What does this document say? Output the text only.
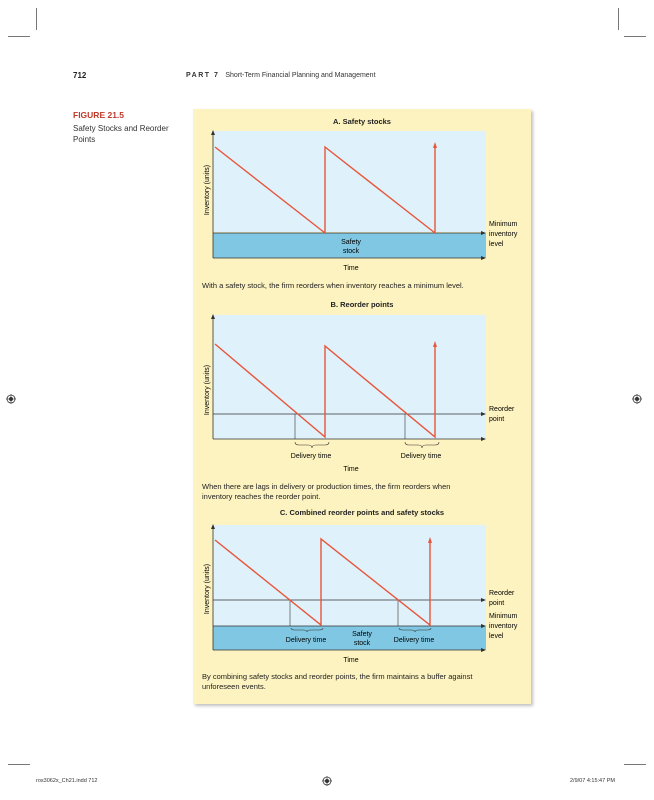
712	PART 7 Short-Term Financial Planning and Management
FIGURE 21.5
Safety Stocks and Reorder Points
A. Safety stocks
Inventory (units)
Safety
stock
Minimum
inventory
level
Time
With a safety stock, the firm reorders when inventory reaches a minimum level.
B. Reorder points
Delivery time	Delivery time
Inventory (units)	Reorder
point
Time
When there are lags in delivery or production times, the firm reorders when
inventory reaches the reorder point.
C. Combined reorder points and safety stocks
Delivery time	Delivery time
Safety
stock
Inventory (units)	Reorder
point
Minimum
inventory
level
Time
By combining safety stocks and reorder points, the firm maintains a buffer against
unforeseen events.
ros3062x_Ch21.indd 712	2/9/07 4:15:47 PM
